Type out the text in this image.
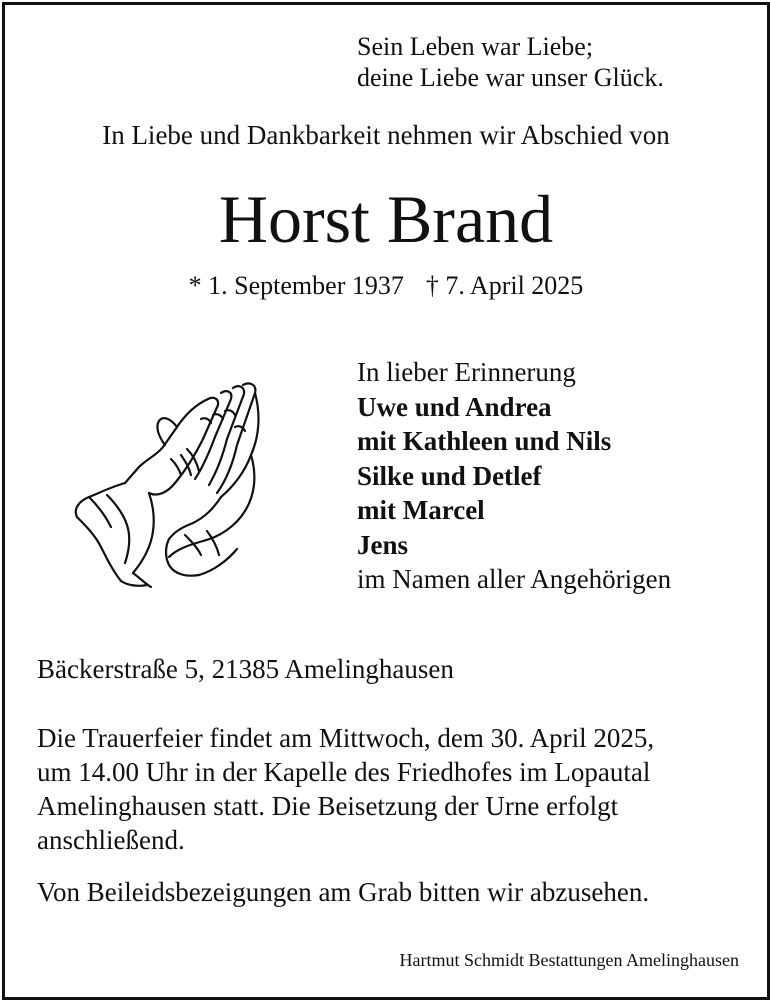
Sein Leben war Liebe;
deine Liebe war unser Glück.
In Liebe und Dankbarkeit nehmen wir Abschied von
Horst Brand
* 1. September 1937 † 7. April 2025
In lieber Erinnerung
Uwe und Andrea
mit Kathleen und Nils
Silke und Detlef
mit Marcel
Jens
im Namen aller Angehörigen
Bäckerstraße 5, 21385 Amelinghausen
Die Trauerfeier findet am Mittwoch, dem 30. April 2025,
um 14.00 Uhr in der Kapelle des Friedhofes im Lopautal
Amelinghausen statt. Die Beisetzung der Urne erfolgt
anschließend.
Von Beileidsbezeigungen am Grab bitten wir abzusehen.
Hartmut Schmidt Bestattungen Amelinghausen
